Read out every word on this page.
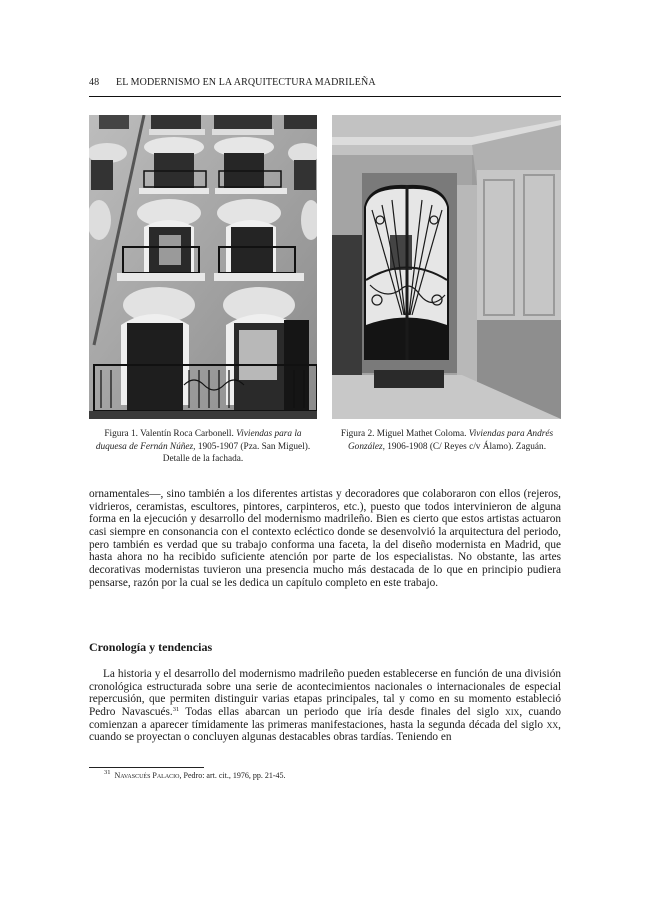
48 EL MODERNISMO EN LA ARQUITECTURA MADRILEÑA
Figura 1. Valentín Roca Carbonell. Viviendas para la duquesa de Fernán Núñez, 1905-1907 (Pza. San Miguel). Detalle de la fachada.
Figura 2. Miguel Mathet Coloma. Viviendas para Andrés González, 1906-1908 (C/ Reyes c/v Álamo). Zaguán.

ornamentales—, sino también a los diferentes artistas y decoradores que colaboraron con ellos (rejeros, vidrieros, ceramistas, escultores, pintores, carpinteros, etc.), puesto que todos intervinieron de alguna forma en la ejecución y desarrollo del modernismo madrileño. Bien es cierto que estos artistas actuaron casi siempre en consonancia con el contexto ecléctico donde se desenvolvió la arquitectura del periodo, pero también es verdad que su trabajo conforma una faceta, la del diseño modernista en Madrid, que hasta ahora no ha recibido suficiente atención por parte de los especialistas. No obstante, las artes decorativas modernistas tuvieron una presencia mucho más destacada de lo que en principio pudiera pensarse, razón por la cual se les dedica un capítulo completo en este trabajo.

Cronología y tendencias

La historia y el desarrollo del modernismo madrileño pueden establecerse en función de una división cronológica estructurada sobre una serie de acontecimientos nacionales o internacionales de especial repercusión, que permiten distinguir varias etapas principales, tal y como en su momento estableció Pedro Navascués.$^{31}$ Todas ellas abarcan un periodo que iría desde finales del siglo xix, cuando comienzan a aparecer tímidamente las primeras manifestaciones, hasta la segunda década del siglo xx, cuando se proyectan o concluyen algunas destacables obras tardías. Teniendo en

$^{31}$ Navascués Palacio, Pedro: art. cit., 1976, pp. 21-45.
